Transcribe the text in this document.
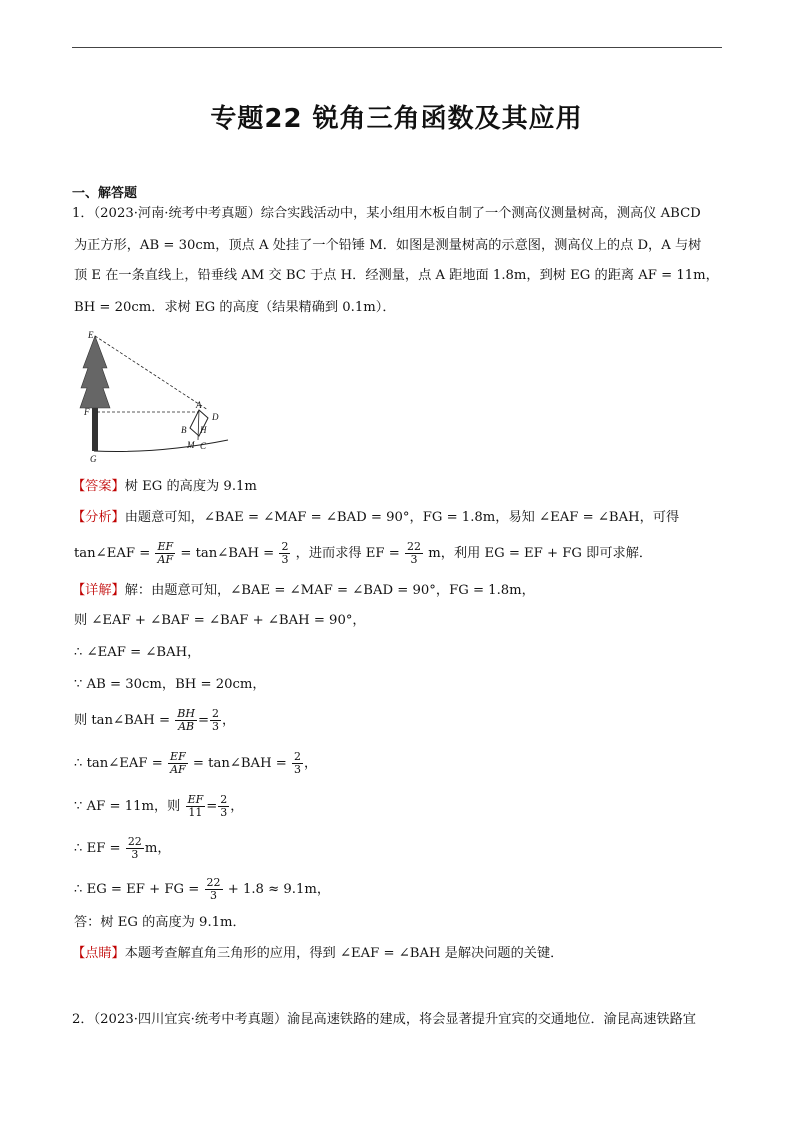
专题22 锐角三角函数及其应用
一、解答题
1．（2023·河南·统考中考真题）综合实践活动中，某小组用木板自制了一个测高仪测量树高，测高仪 ABCD
为正方形，AB = 30cm，顶点 A 处挂了一个铅锤 M．如图是测量树高的示意图，测高仪上的点 D，A 与树
顶 E 在一条直线上，铅垂线 AM 交 BC 于点 H．经测量，点 A 距地面 1.8m，到树 EG 的距离 AF = 11m，
BH = 20cm．求树 EG 的高度（结果精确到 0.1m）．
E
F
G
A
D
B H
M C
【答案】树 EG 的高度为 9.1m
【分析】由题意可知，∠BAE = ∠MAF = ∠BAD = 90°，FG = 1.8m，易知 ∠EAF = ∠BAH，可得
tan∠EAF = $\frac{EF}{AF}$ = tan∠BAH = $\frac{2}{3}$ ，进而求得 EF = $\frac{22}{3}$ m，利用 EG = EF + FG 即可求解．
【详解】解：由题意可知，∠BAE = ∠MAF = ∠BAD = 90°，FG = 1.8m，
则 ∠EAF + ∠BAF = ∠BAF + ∠BAH = 90°，
∴ ∠EAF = ∠BAH，
∵ AB = 30cm，BH = 20cm，
则 tan∠BAH = $\frac{BH}{AB} = \frac{2}{3}$ ，
∴ tan∠EAF = $\frac{EF}{AF}$ = tan∠BAH = $\frac{2}{3}$ ，
∵ AF = 11m，则 $\frac{EF}{11} = \frac{2}{3}$ ，
∴ EF = $\frac{22}{3}$ m，
∴ EG = EF + FG = $\frac{22}{3} + 1.8 \approx 9.1m$，
答：树 EG 的高度为 9.1m．
【点睛】本题考查解直角三角形的应用，得到 ∠EAF = ∠BAH 是解决问题的关键．
2．（2023·四川宜宾·统考中考真题）渝昆高速铁路的建成，将会显著提升宜宾的交通地位．渝昆高速铁路宜
